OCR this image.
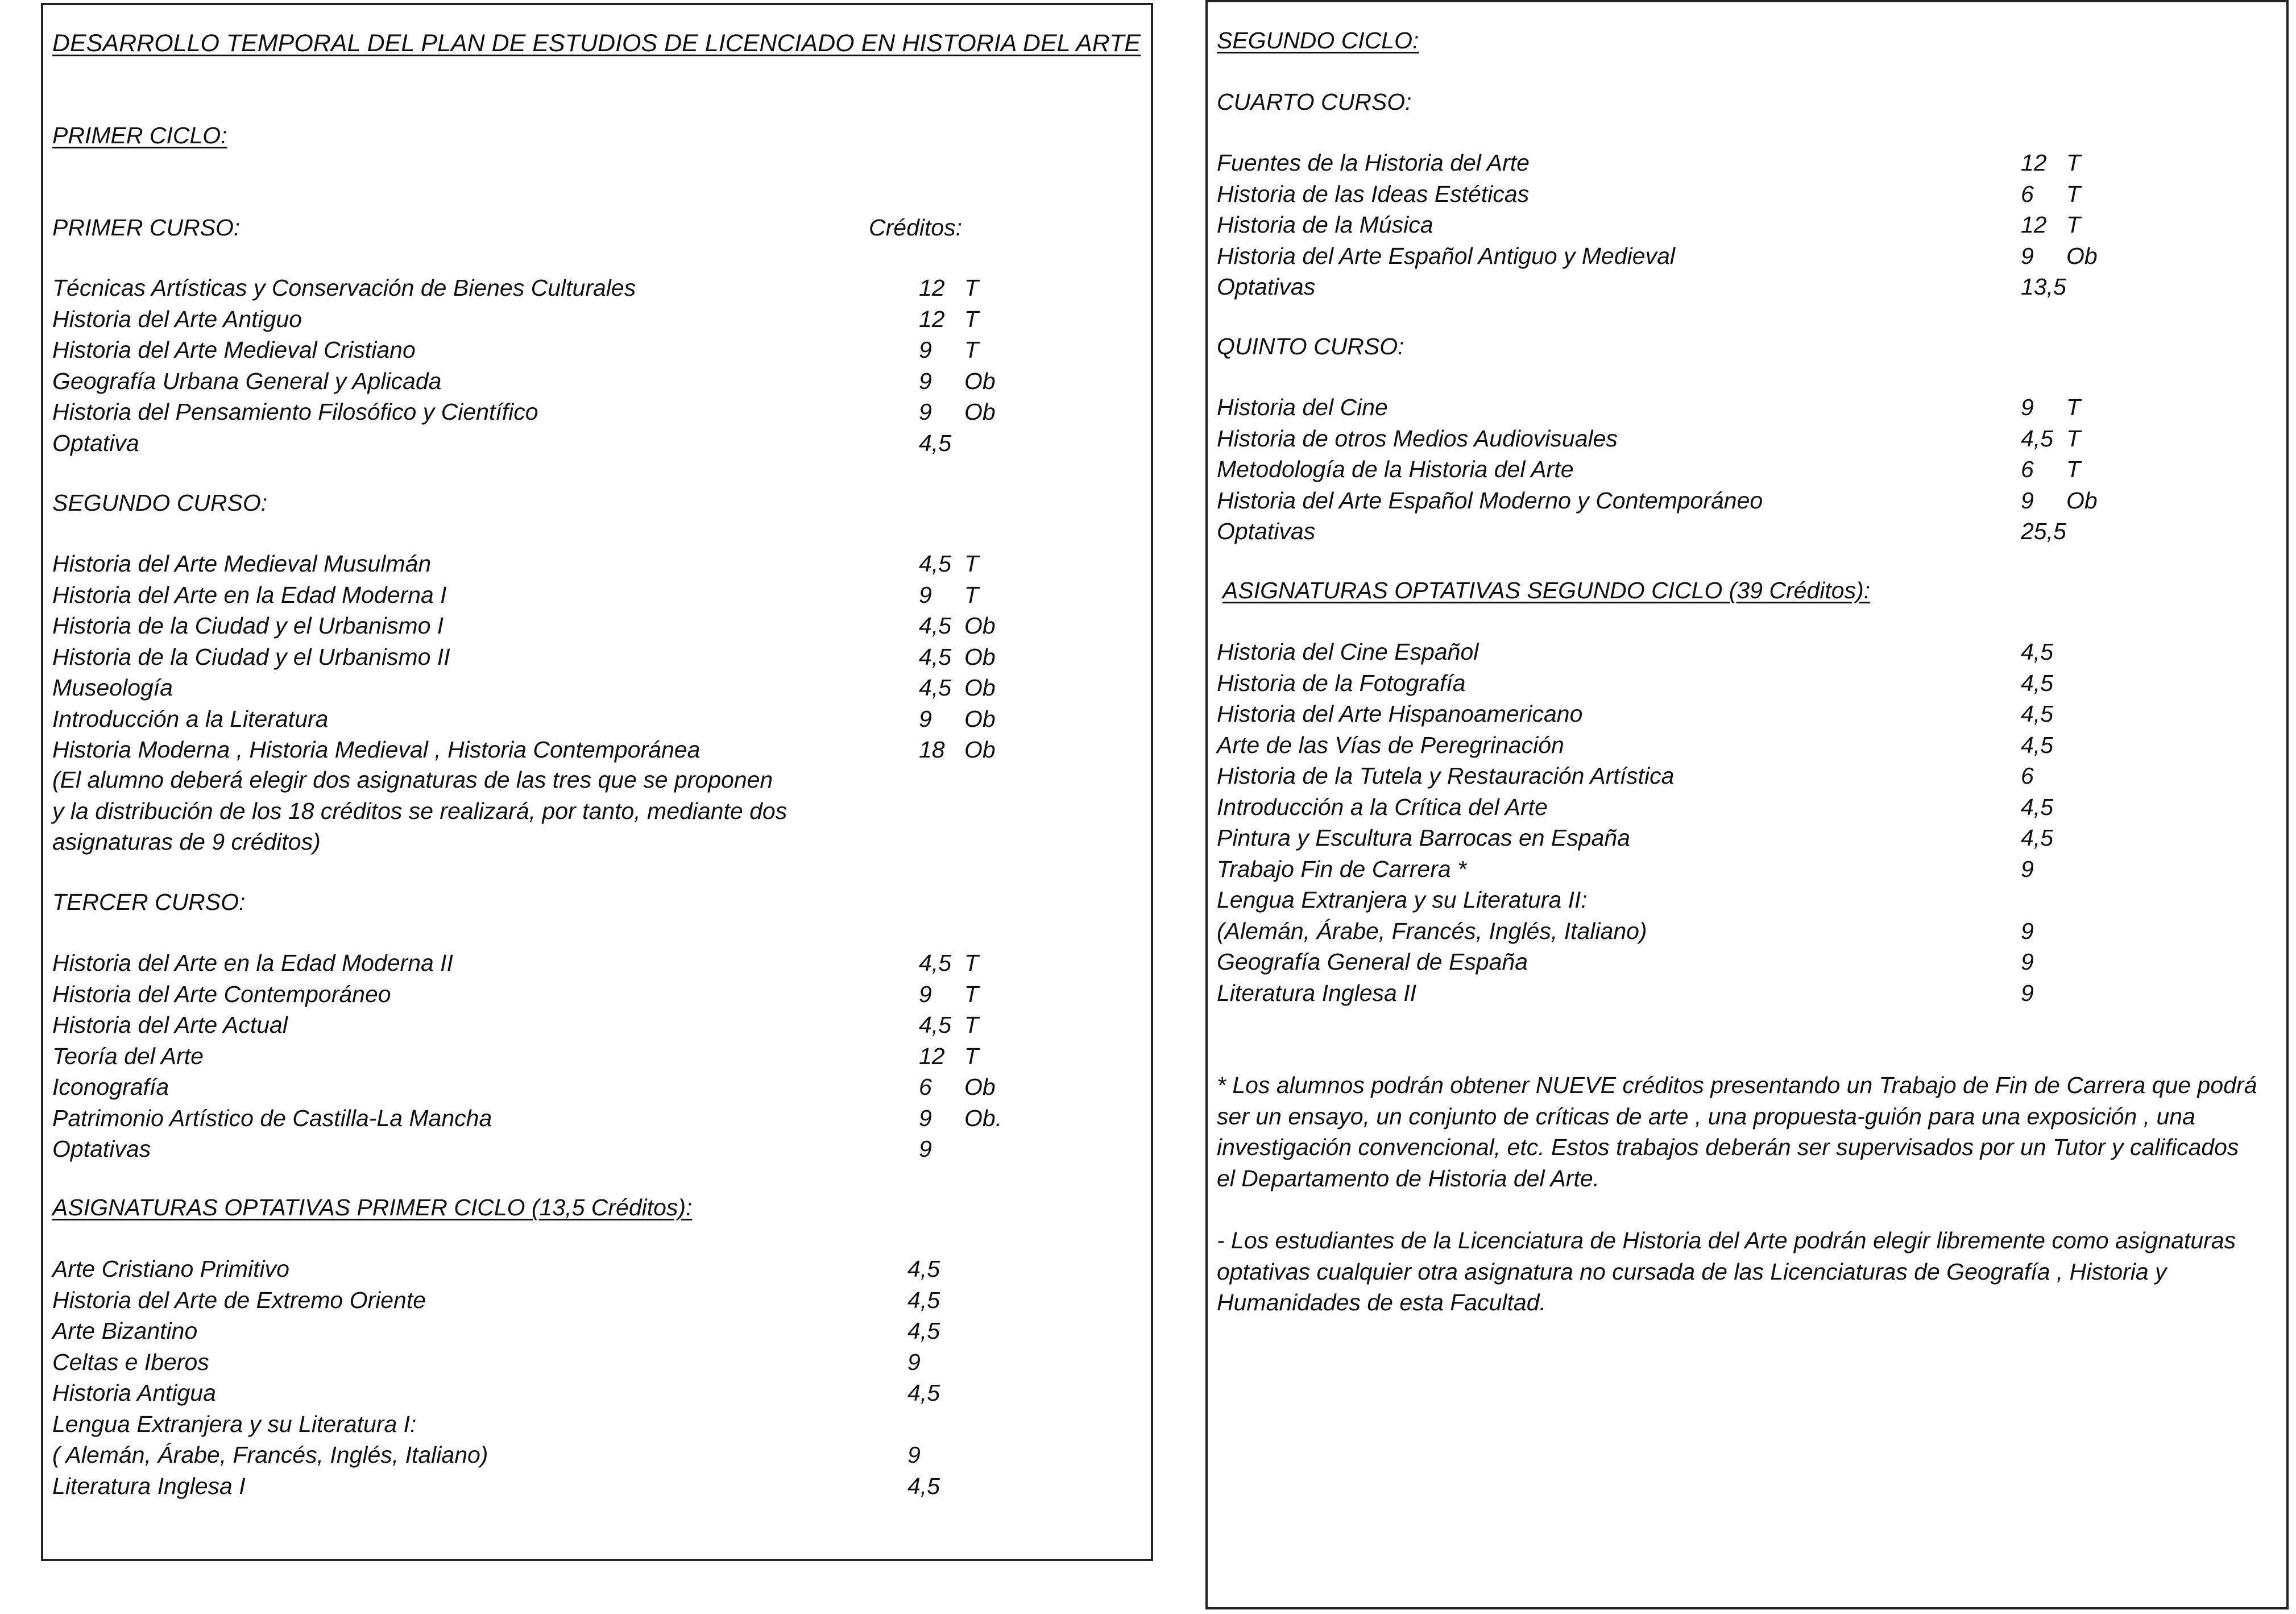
DESARROLLO TEMPORAL DEL PLAN DE ESTUDIOS DE LICENCIADO EN HISTORIA DEL ARTE
PRIMER CICLO:
PRIMER CURSO:	Créditos:
Técnicas Artísticas y Conservación de Bienes Culturales	12 T
Historia del Arte Antiguo	12 T
Historia del Arte Medieval Cristiano	9 T
Geografía Urbana General y Aplicada	9 Ob
Historia del Pensamiento Filosófico y Científico	9 Ob
Optativa	4,5
SEGUNDO CURSO:
Historia del Arte Medieval Musulmán	4,5 T
Historia del Arte en la Edad Moderna I	9 T
Historia de la Ciudad y el Urbanismo I	4,5 Ob
Historia de la Ciudad y el Urbanismo II	4,5 Ob
Museología	4,5 Ob
Introducción a la Literatura	9 Ob
Historia Moderna , Historia Medieval , Historia Contemporánea	18 Ob
(El alumno deberá elegir dos asignaturas de las tres que se proponen
y la distribución de los 18 créditos se realizará, por tanto, mediante dos
asignaturas de 9 créditos)
TERCER CURSO:
Historia del Arte en la Edad Moderna II	4,5 T
Historia del Arte Contemporáneo	9 T
Historia del Arte Actual	4,5 T
Teoría del Arte	12 T
Iconografía	6 Ob
Patrimonio Artístico de Castilla-La Mancha	9 Ob.
Optativas	9
ASIGNATURAS OPTATIVAS PRIMER CICLO (13,5 Créditos):
Arte Cristiano Primitivo	4,5
Historia del Arte de Extremo Oriente	4,5
Arte Bizantino	4,5
Celtas e Iberos	9
Historia Antigua	4,5
Lengua Extranjera y su Literatura I:
( Alemán, Árabe, Francés, Inglés, Italiano)	9
Literatura Inglesa I	4,5
SEGUNDO CICLO:
CUARTO CURSO:
Fuentes de la Historia del Arte	12 T
Historia de las Ideas Estéticas	6 T
Historia de la Música	12 T
Historia del Arte Español Antiguo y Medieval	9 Ob
Optativas	13,5
QUINTO CURSO:
Historia del Cine	9 T
Historia de otros Medios Audiovisuales	4,5 T
Metodología de la Historia del Arte	6 T
Historia del Arte Español Moderno y Contemporáneo	9 Ob
Optativas	25,5
ASIGNATURAS OPTATIVAS SEGUNDO CICLO (39 Créditos):
Historia del Cine Español	4,5
Historia de la Fotografía	4,5
Historia del Arte Hispanoamericano	4,5
Arte de las Vías de Peregrinación	4,5
Historia de la Tutela y Restauración Artística	6
Introducción a la Crítica del Arte	4,5
Pintura y Escultura Barrocas en España	4,5
Trabajo Fin de Carrera *	9
Lengua Extranjera y su Literatura II:
(Alemán, Árabe, Francés, Inglés, Italiano)	9
Geografía General de España	9
Literatura Inglesa II	9
* Los alumnos podrán obtener NUEVE créditos presentando un Trabajo de Fin de Carrera que podrá
ser un ensayo, un conjunto de críticas de arte , una propuesta-guión para una exposición , una
investigación convencional, etc. Estos trabajos deberán ser supervisados por un Tutor y calificados
el Departamento de Historia del Arte.
- Los estudiantes de la Licenciatura de Historia del Arte podrán elegir libremente como asignaturas
optativas cualquier otra asignatura no cursada de las Licenciaturas de Geografía , Historia y
Humanidades de esta Facultad.
